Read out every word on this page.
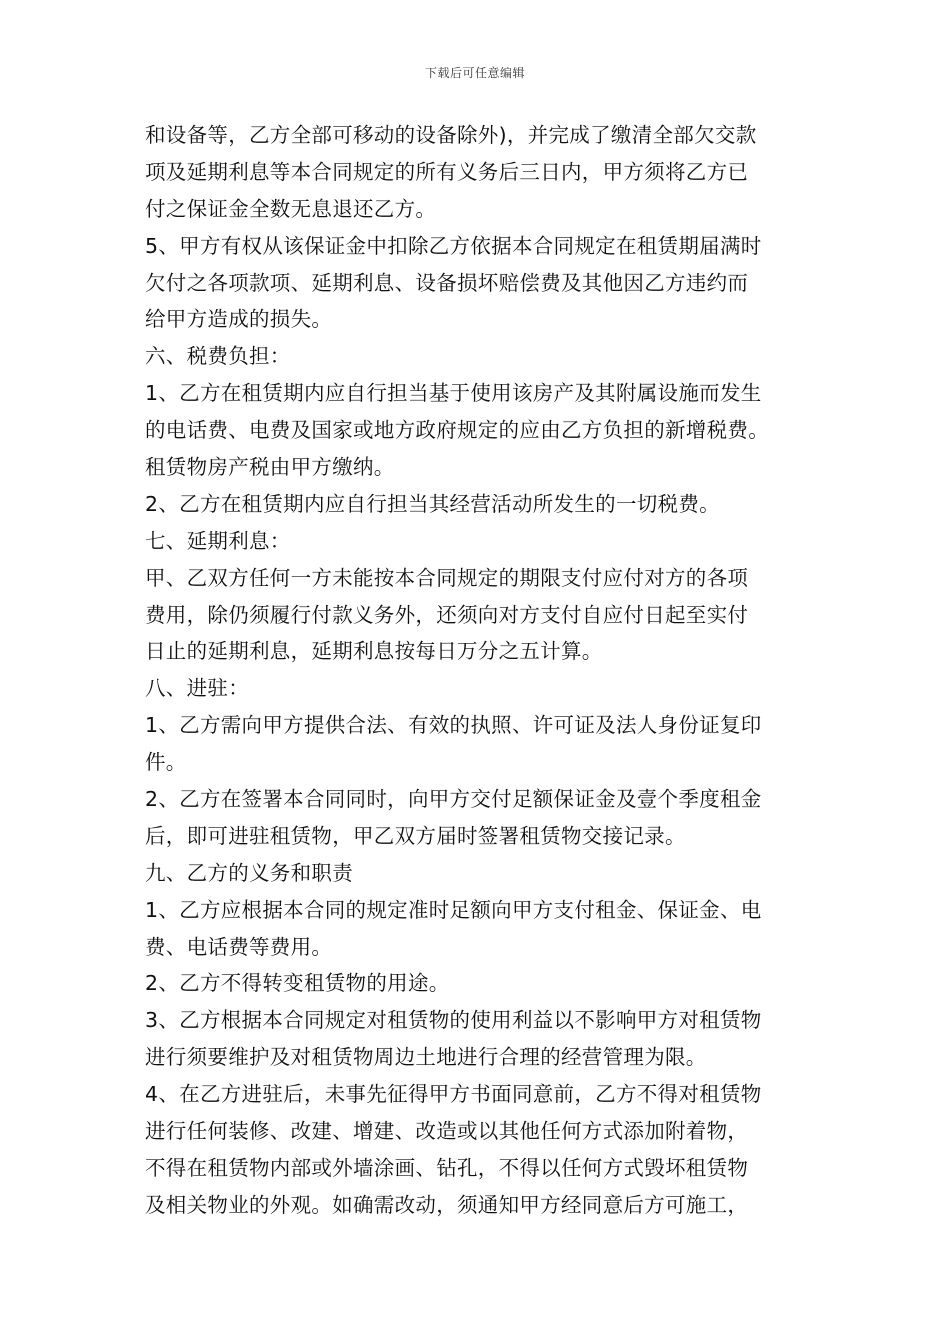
下载后可任意编辑
和设备等，乙方全部可移动的设备除外)，并完成了缴清全部欠交款
项及延期利息等本合同规定的所有义务后三日内，甲方须将乙方已
付之保证金全数无息退还乙方。
5、甲方有权从该保证金中扣除乙方依据本合同规定在租赁期届满时
欠付之各项款项、延期利息、设备损坏赔偿费及其他因乙方违约而
给甲方造成的损失。
六、税费负担：
1、乙方在租赁期内应自行担当基于使用该房产及其附属设施而发生
的电话费、电费及国家或地方政府规定的应由乙方负担的新增税费。
租赁物房产税由甲方缴纳。
2、乙方在租赁期内应自行担当其经营活动所发生的一切税费。
七、延期利息：
甲、乙双方任何一方未能按本合同规定的期限支付应付对方的各项
费用，除仍须履行付款义务外，还须向对方支付自应付日起至实付
日止的延期利息，延期利息按每日万分之五计算。
八、进驻：
1、乙方需向甲方提供合法、有效的执照、许可证及法人身份证复印
件。
2、乙方在签署本合同同时，向甲方交付足额保证金及壹个季度租金
后，即可进驻租赁物，甲乙双方届时签署租赁物交接记录。
九、乙方的义务和职责
1、乙方应根据本合同的规定准时足额向甲方支付租金、保证金、电
费、电话费等费用。
2、乙方不得转变租赁物的用途。
3、乙方根据本合同规定对租赁物的使用利益以不影响甲方对租赁物
进行须要维护及对租赁物周边土地进行合理的经营管理为限。
4、在乙方进驻后，未事先征得甲方书面同意前，乙方不得对租赁物
进行任何装修、改建、增建、改造或以其他任何方式添加附着物，
不得在租赁物内部或外墙涂画、钻孔，不得以任何方式毁坏租赁物
及相关物业的外观。如确需改动，须通知甲方经同意后方可施工，
